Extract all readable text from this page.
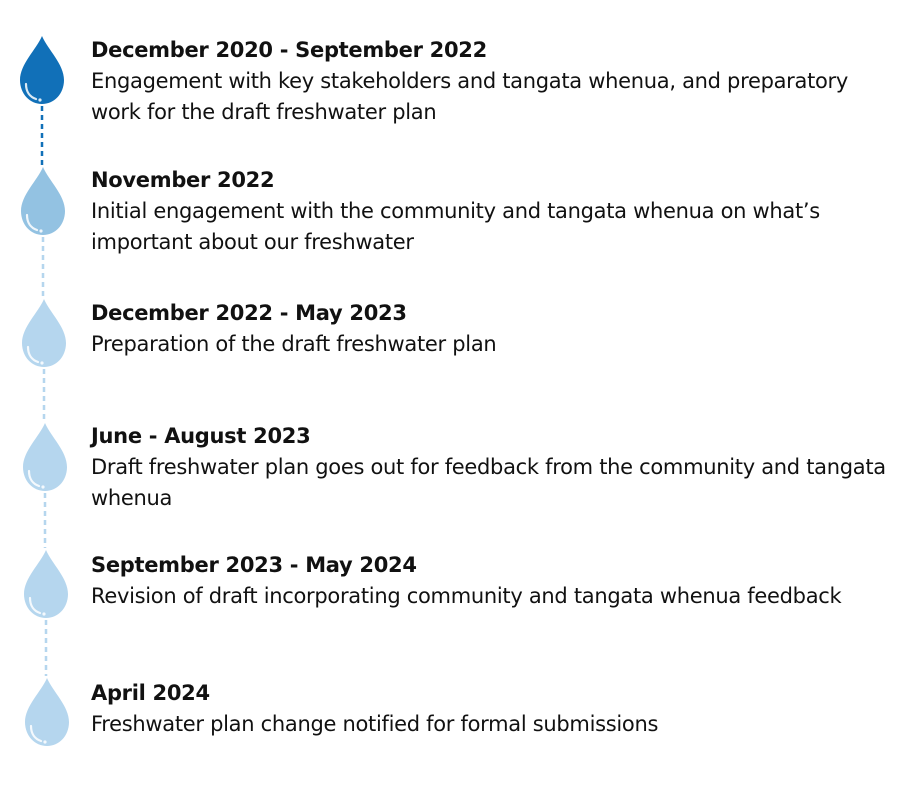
December 2020 - September 2022
Engagement with key stakeholders and tangata whenua, and preparatory work for the draft freshwater plan
November 2022
Initial engagement with the community and tangata whenua on what’s important about our freshwater
December 2022 - May 2023
Preparation of the draft freshwater plan
June - August 2023
Draft freshwater plan goes out for feedback from the community and tangata whenua
September 2023 - May 2024
Revision of draft incorporating community and tangata whenua feedback
April 2024
Freshwater plan change notified for formal submissions
